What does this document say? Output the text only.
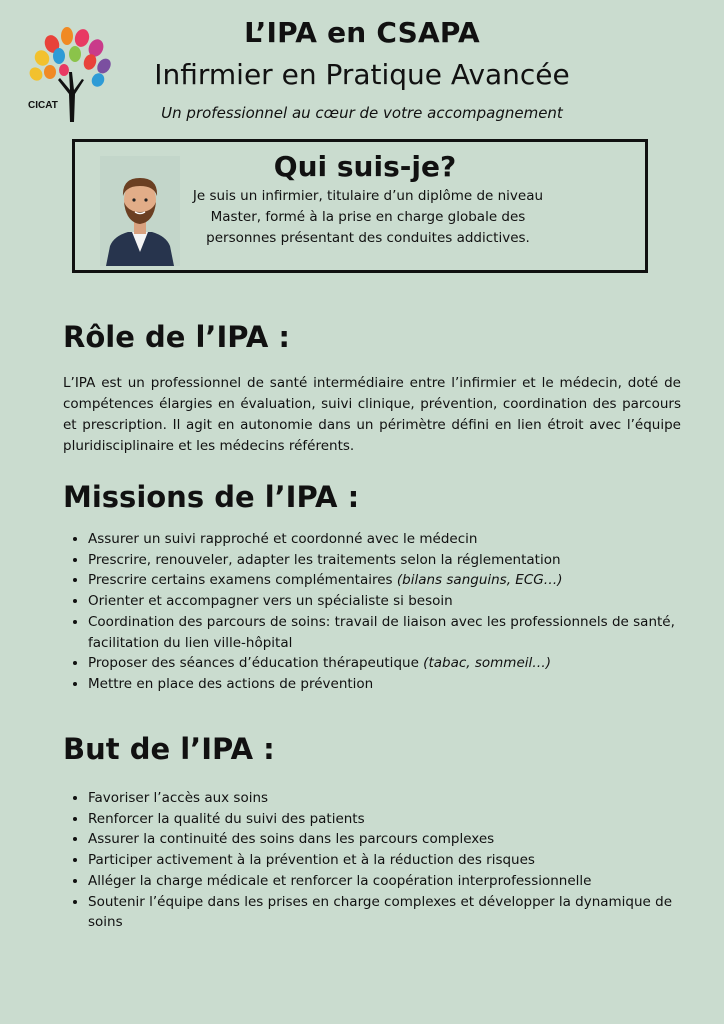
CICAT
L’IPA en CSAPA
Infirmier en Pratique Avancée
Un professionnel au cœur de votre accompagnement
Qui suis-je?
Je suis un infirmier, titulaire d’un diplôme de niveau Master, formé à la prise en charge globale des personnes présentant des conduites addictives.
Rôle de l’IPA :
L’IPA est un professionnel de santé intermédiaire entre l’infirmier et le médecin, doté de compétences élargies en évaluation, suivi clinique, prévention, coordination des parcours et prescription. Il agit en autonomie dans un périmètre défini en lien étroit avec l’équipe pluridisciplinaire et les médecins référents.
Missions de l’IPA :
• Assurer un suivi rapproché et coordonné avec le médecin
• Prescrire, renouveler, adapter les traitements selon la réglementation
• Prescrire certains examens complémentaires (bilans sanguins, ECG…)
• Orienter et accompagner vers un spécialiste si besoin
• Coordination des parcours de soins: travail de liaison avec les professionnels de santé, facilitation du lien ville-hôpital
• Proposer des séances d’éducation thérapeutique (tabac, sommeil…)
• Mettre en place des actions de prévention
But de l’IPA :
• Favoriser l’accès aux soins
• Renforcer la qualité du suivi des patients
• Assurer la continuité des soins dans les parcours complexes
• Participer activement à la prévention et à la réduction des risques
• Alléger la charge médicale et renforcer la coopération interprofessionnelle
• Soutenir l’équipe dans les prises en charge complexes et développer la dynamique de soins
